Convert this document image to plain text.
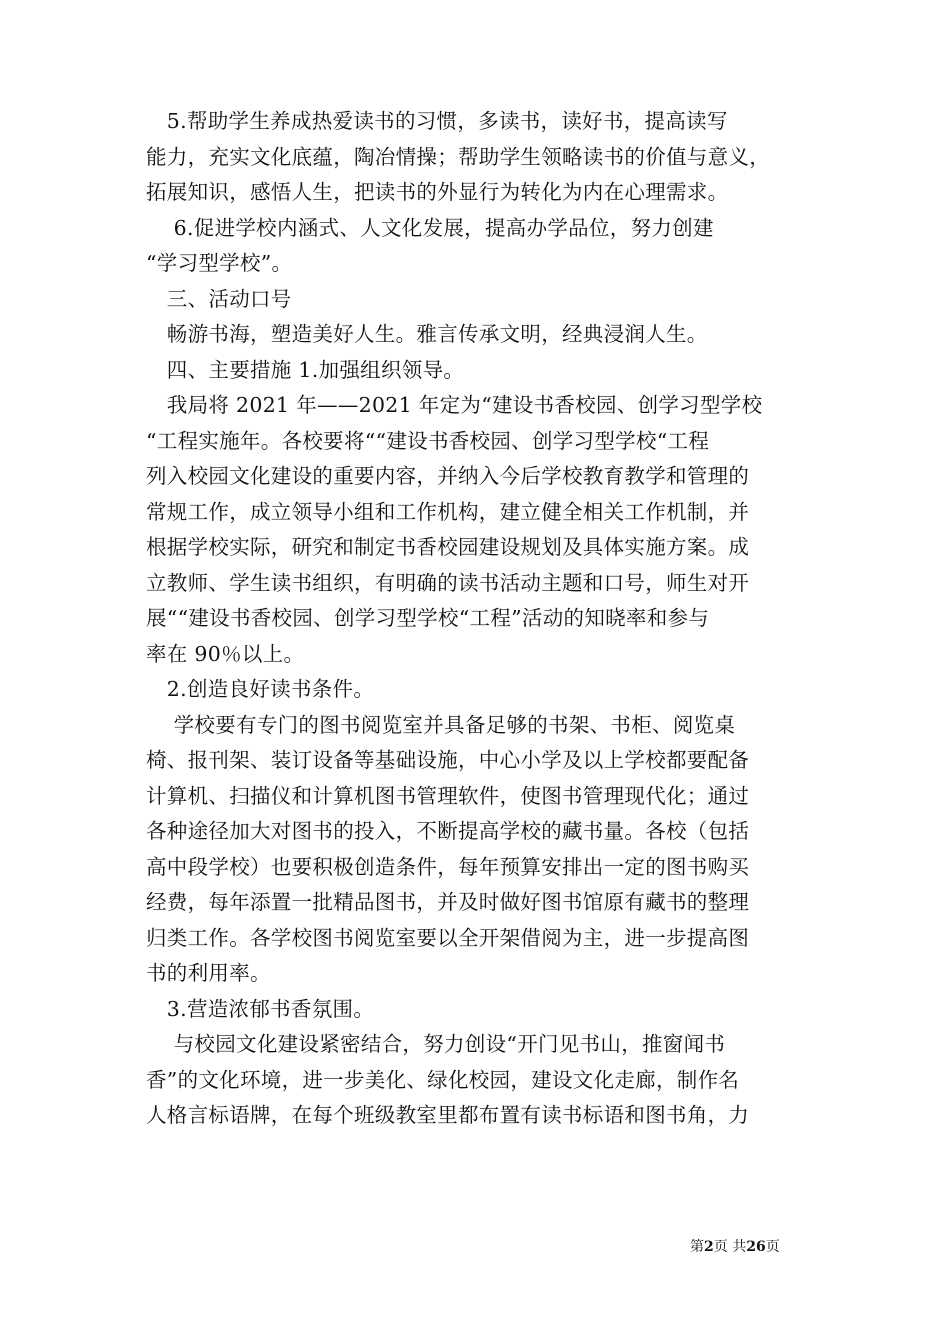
　5.帮助学生养成热爱读书的习惯，多读书，读好书，提高读写
能力，充实文化底蕴，陶冶情操；帮助学生领略读书的价值与意义，
拓展知识，感悟人生，把读书的外显行为转化为内在心理需求。
　 6.促进学校内涵式、人文化发展，提高办学品位，努力创建
“学习型学校”。
　三、活动口号
　畅游书海，塑造美好人生。雅言传承文明，经典浸润人生。
　四、主要措施 1.加强组织领导。
　我局将 2021 年——2021 年定为“建设书香校园、创学习型学校
“工程实施年。各校要将““建设书香校园、创学习型学校“工程
列入校园文化建设的重要内容，并纳入今后学校教育教学和管理的
常规工作，成立领导小组和工作机构，建立健全相关工作机制，并
根据学校实际，研究和制定书香校园建设规划及具体实施方案。成
立教师、学生读书组织，有明确的读书活动主题和口号，师生对开
展““建设书香校园、创学习型学校“工程”活动的知晓率和参与
率在 90％以上。
　2.创造良好读书条件。
　 学校要有专门的图书阅览室并具备足够的书架、书柜、阅览桌
椅、报刊架、装订设备等基础设施，中心小学及以上学校都要配备
计算机、扫描仪和计算机图书管理软件，使图书管理现代化；通过
各种途径加大对图书的投入，不断提高学校的藏书量。各校（包括
高中段学校）也要积极创造条件，每年预算安排出一定的图书购买
经费，每年添置一批精品图书，并及时做好图书馆原有藏书的整理
归类工作。各学校图书阅览室要以全开架借阅为主，进一步提高图
书的利用率。
　3.营造浓郁书香氛围。
　 与校园文化建设紧密结合，努力创设“开门见书山，推窗闻书
香”的文化环境，进一步美化、绿化校园，建设文化走廊，制作名
人格言标语牌，在每个班级教室里都布置有读书标语和图书角，力
第2页 共26页
